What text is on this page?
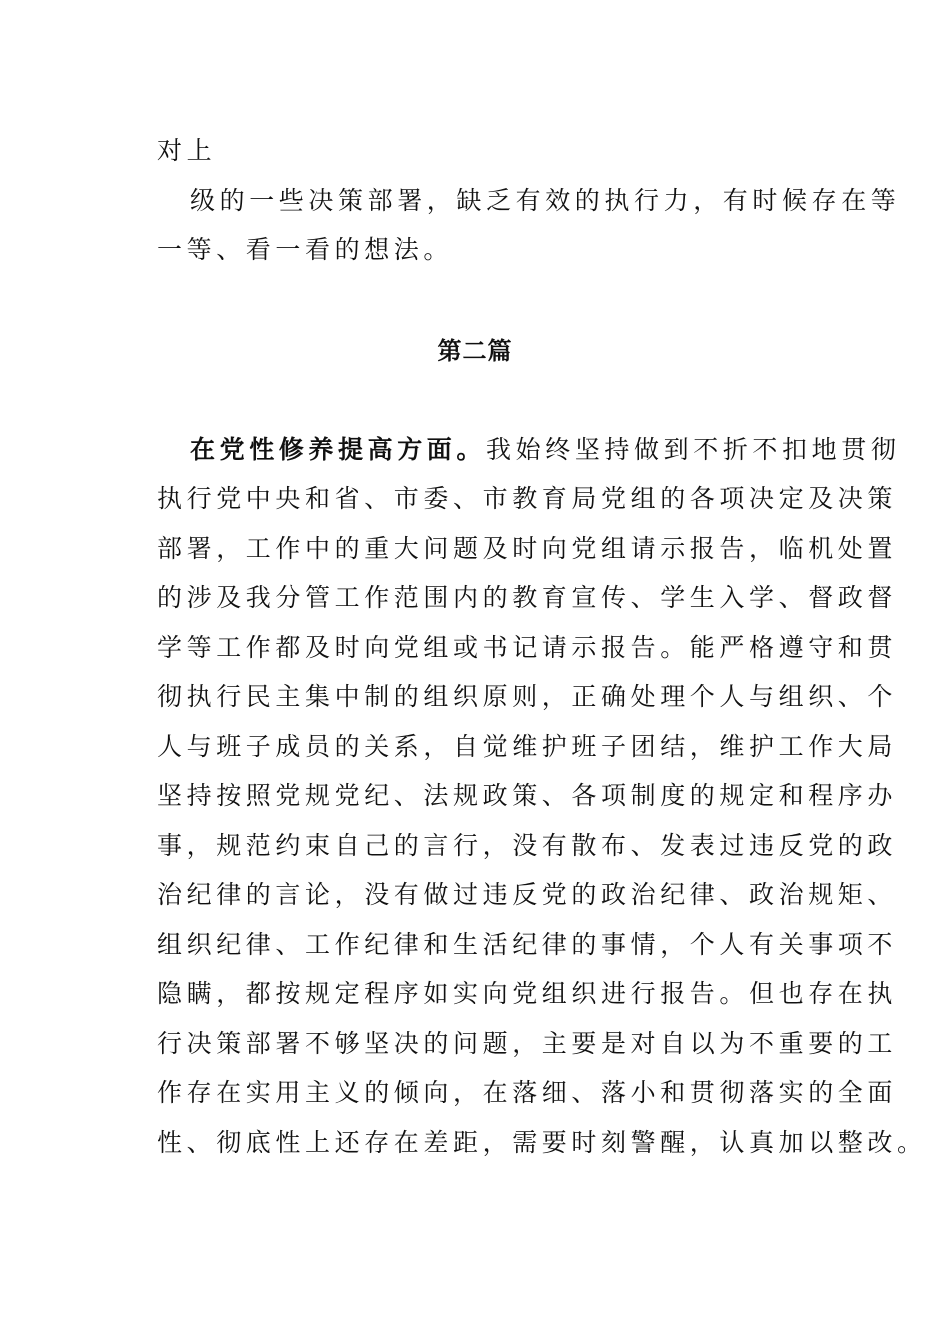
对上
级的一些决策部署，缺乏有效的执行力，有时候存在等
一等、看一看的想法。
第二篇
在党性修养提高方面。我始终坚持做到不折不扣地贯彻
执行党中央和省、市委、市教育局党组的各项决定及决策
部署，工作中的重大问题及时向党组请示报告，临机处置
的涉及我分管工作范围内的教育宣传、学生入学、督政督
学等工作都及时向党组或书记请示报告。能严格遵守和贯
彻执行民主集中制的组织原则，正确处理个人与组织、个
人与班子成员的关系，自觉维护班子团结，维护工作大局
坚持按照党规党纪、法规政策、各项制度的规定和程序办
事，规范约束自己的言行，没有散布、发表过违反党的政
治纪律的言论，没有做过违反党的政治纪律、政治规矩、
组织纪律、工作纪律和生活纪律的事情，个人有关事项不
隐瞒，都按规定程序如实向党组织进行报告。但也存在执
行决策部署不够坚决的问题，主要是对自以为不重要的工
作存在实用主义的倾向，在落细、落小和贯彻落实的全面
性、彻底性上还存在差距，需要时刻警醒，认真加以整改。
